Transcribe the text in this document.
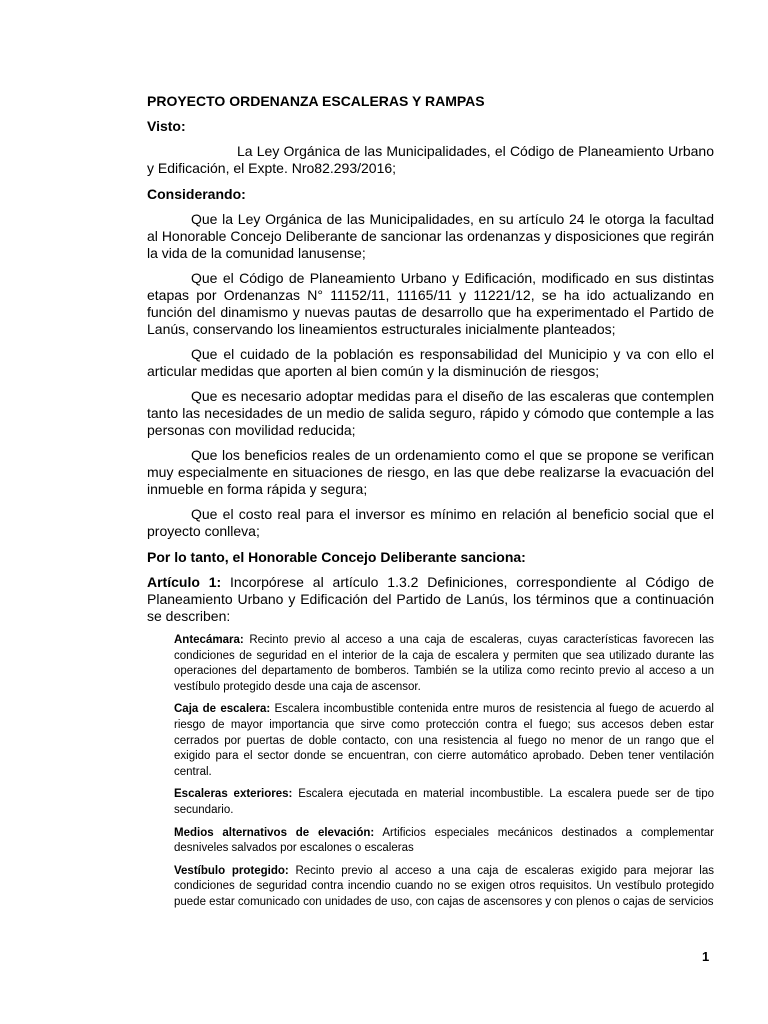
PROYECTO ORDENANZA ESCALERAS Y RAMPAS
Visto:
La Ley Orgánica de las Municipalidades, el Código de Planeamiento Urbano y Edificación, el Expte. Nro82.293/2016;
Considerando:
Que la Ley Orgánica de las Municipalidades, en su artículo 24 le otorga la facultad al Honorable Concejo Deliberante de sancionar las ordenanzas y disposiciones que regirán la vida de la comunidad lanusense;
Que el Código de Planeamiento Urbano y Edificación, modificado en sus distintas etapas por Ordenanzas N° 11152/11, 11165/11 y 11221/12, se ha ido actualizando en función del dinamismo y nuevas pautas de desarrollo que ha experimentado el Partido de Lanús, conservando los lineamientos estructurales inicialmente planteados;
Que el cuidado de la población es responsabilidad del Municipio y va con ello el articular medidas que aporten al bien común y la disminución de riesgos;
Que es necesario adoptar medidas para el diseño de las escaleras que contemplen tanto las necesidades de un medio de salida seguro, rápido y cómodo que contemple a las personas con movilidad reducida;
Que los beneficios reales de un ordenamiento como el que se propone se verifican muy especialmente en situaciones de riesgo, en las que debe realizarse la evacuación del inmueble en forma rápida y segura;
Que el costo real para el inversor es mínimo en relación al beneficio social que el proyecto conlleva;
Por lo tanto, el Honorable Concejo Deliberante sanciona:
Artículo 1: Incorpórese al artículo 1.3.2 Definiciones, correspondiente al Código de Planeamiento Urbano y Edificación del Partido de Lanús, los términos que a continuación se describen:
Antecámara: Recinto previo al acceso a una caja de escaleras, cuyas características favorecen las condiciones de seguridad en el interior de la caja de escalera y permiten que sea utilizado durante las operaciones del departamento de bomberos. También se la utiliza como recinto previo al acceso a un vestíbulo protegido desde una caja de ascensor.
Caja de escalera: Escalera incombustible contenida entre muros de resistencia al fuego de acuerdo al riesgo de mayor importancia que sirve como protección contra el fuego; sus accesos deben estar cerrados por puertas de doble contacto, con una resistencia al fuego no menor de un rango que el exigido para el sector donde se encuentran, con cierre automático aprobado. Deben tener ventilación central.
Escaleras exteriores: Escalera ejecutada en material incombustible. La escalera puede ser de tipo secundario.
Medios alternativos de elevación: Artificios especiales mecánicos destinados a complementar desniveles salvados por escalones o escaleras
Vestíbulo protegido: Recinto previo al acceso a una caja de escaleras exigido para mejorar las condiciones de seguridad contra incendio cuando no se exigen otros requisitos. Un vestíbulo protegido puede estar comunicado con unidades de uso, con cajas de ascensores y con plenos o cajas de servicios
1
